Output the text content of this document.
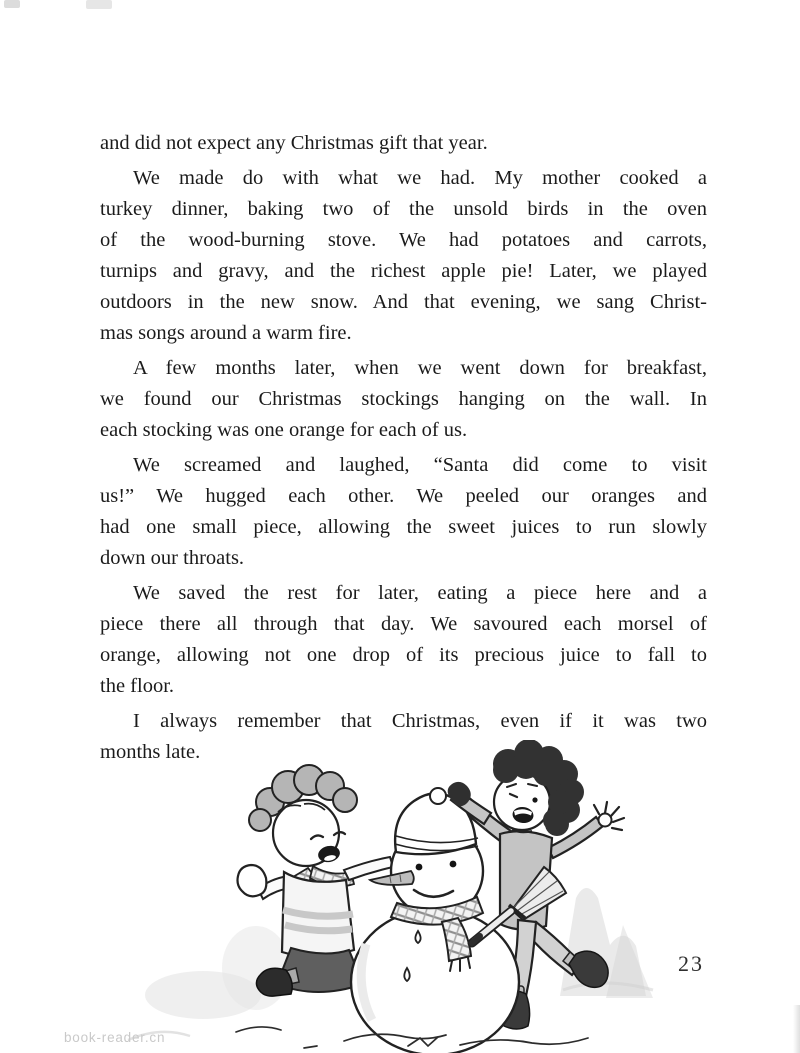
and did not expect any Christmas gift that year.
We made do with what we had. My mother cooked a
turkey dinner, baking two of the unsold birds in the oven
of the wood-burning stove. We had potatoes and carrots,
turnips and gravy, and the richest apple pie! Later, we played
outdoors in the new snow. And that evening, we sang Christ-
mas songs around a warm fire.
A few months later, when we went down for breakfast,
we found our Christmas stockings hanging on the wall. In
each stocking was one orange for each of us.
We screamed and laughed, “Santa did come to visit
us!” We hugged each other. We peeled our oranges and
had one small piece, allowing the sweet juices to run slowly
down our throats.
We saved the rest for later, eating a piece here and a
piece there all through that day. We savoured each morsel of
orange, allowing not one drop of its precious juice to fall to
the floor.
I always remember that Christmas, even if it was two
months late.
23
book-reader.cn
